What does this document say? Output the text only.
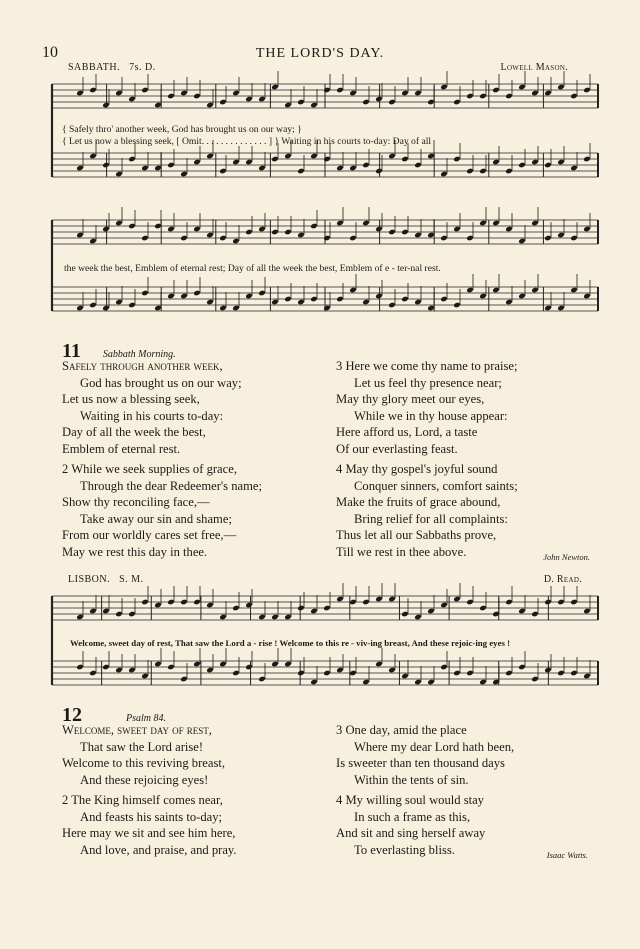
10	THE LORD'S DAY.
SABBATH. 7s. D.	Lowell Mason.
{ Safely thro' another week, God has brought us on our way; }
{ Let us now a blessing seek, [ Omit. . . . . . . . . . . . . . ] } Waiting in his courts to-day: Day of all
the week the best, Emblem of eternal rest; Day of all the week the best, Emblem of e - ter-nal rest.
11 Sabbath Morning.
Safely through another week,
God has brought us on our way;
Let us now a blessing seek,
Waiting in his courts to-day:
Day of all the week the best,
Emblem of eternal rest.
2 While we seek supplies of grace,
Through the dear Redeemer's name;
Show thy reconciling face,—
Take away our sin and shame;
From our worldly cares set free,—
May we rest this day in thee.
3 Here we come thy name to praise;
Let us feel thy presence near;
May thy glory meet our eyes,
While we in thy house appear:
Here afford us, Lord, a taste
Of our everlasting feast.
4 May thy gospel's joyful sound
Conquer sinners, comfort saints;
Make the fruits of grace abound,
Bring relief for all complaints:
Thus let all our Sabbaths prove,
Till we rest in thee above.	John Newton.
LISBON. S. M.	D. Read.
Welcome, sweet day of rest, That saw the Lord a - rise ! Welcome to this re - viv-ing breast, And these rejoic-ing eyes !
12	Psalm 84.
Welcome, sweet day of rest,
That saw the Lord arise!
Welcome to this reviving breast,
And these rejoicing eyes!
2 The King himself comes near,
And feasts his saints to-day;
Here may we sit and see him here,
And love, and praise, and pray.
3 One day, amid the place
Where my dear Lord hath been,
Is sweeter than ten thousand days
Within the tents of sin.
4 My willing soul would stay
In such a frame as this,
And sit and sing herself away
To everlasting bliss.	Isaac Watts.
